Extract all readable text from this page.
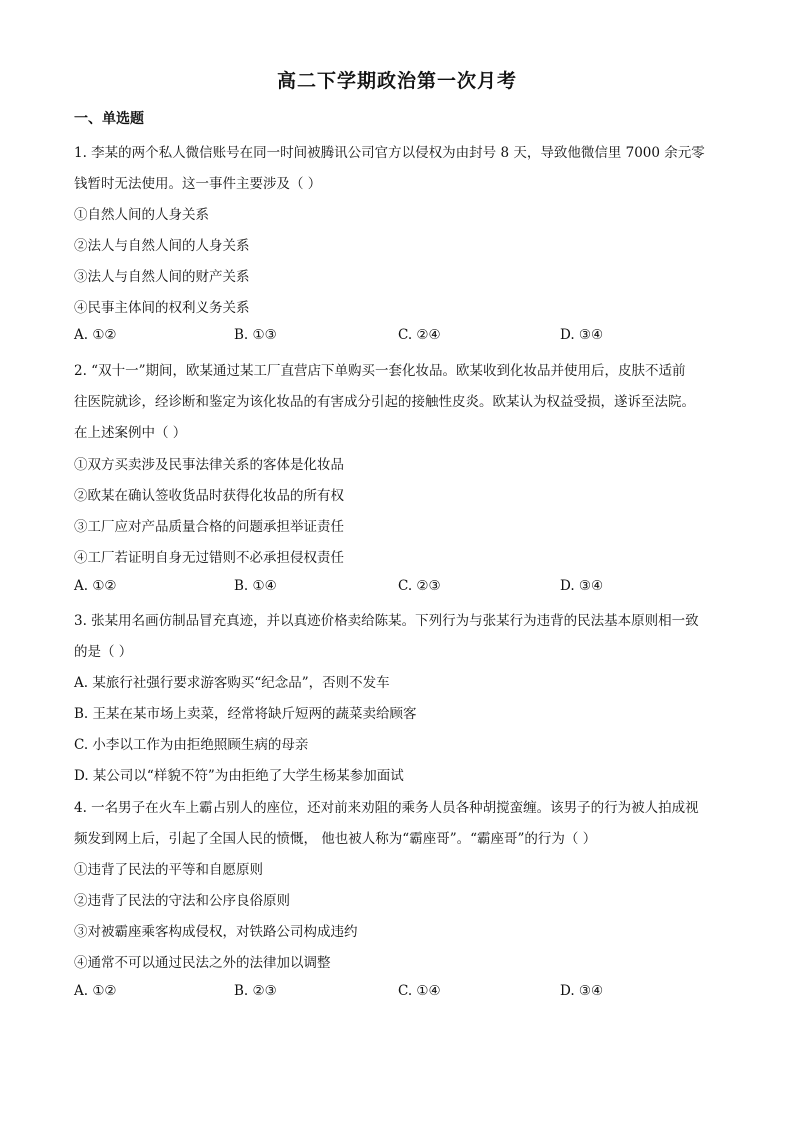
高二下学期政治第一次月考
一、单选题
1. 李某的两个私人微信账号在同一时间被腾讯公司官方以侵权为由封号 8 天，导致他微信里 7000 余元零
钱暂时无法使用。这一事件主要涉及（ ）
①自然人间的人身关系
②法人与自然人间的人身关系
③法人与自然人间的财产关系
④民事主体间的权利义务关系
A. ①②	B. ①③	C. ②④	D. ③④
2. “双十一”期间，欧某通过某工厂直营店下单购买一套化妆品。欧某收到化妆品并使用后，皮肤不适前
往医院就诊，经诊断和鉴定为该化妆品的有害成分引起的接触性皮炎。欧某认为权益受损，遂诉至法院。
在上述案例中（ ）
①双方买卖涉及民事法律关系的客体是化妆品
②欧某在确认签收货品时获得化妆品的所有权
③工厂应对产品质量合格的问题承担举证责任
④工厂若证明自身无过错则不必承担侵权责任
A. ①②	B. ①④	C. ②③	D. ③④
3. 张某用名画仿制品冒充真迹，并以真迹价格卖给陈某。下列行为与张某行为违背的民法基本原则相一致
的是（ ）
A. 某旅行社强行要求游客购买“纪念品”，否则不发车
B. 王某在某市场上卖菜，经常将缺斤短两的蔬菜卖给顾客
C. 小李以工作为由拒绝照顾生病的母亲
D. 某公司以“样貌不符”为由拒绝了大学生杨某参加面试
4. 一名男子在火车上霸占别人的座位，还对前来劝阻的乘务人员各种胡搅蛮缠。该男子的行为被人拍成视
频发到网上后，引起了全国人民的愤慨， 他也被人称为“霸座哥”。“霸座哥”的行为（ ）
①违背了民法的平等和自愿原则
②违背了民法的守法和公序良俗原则
③对被霸座乘客构成侵权，对铁路公司构成违约
④通常不可以通过民法之外的法律加以调整
A. ①②	B. ②③	C. ①④	D. ③④
